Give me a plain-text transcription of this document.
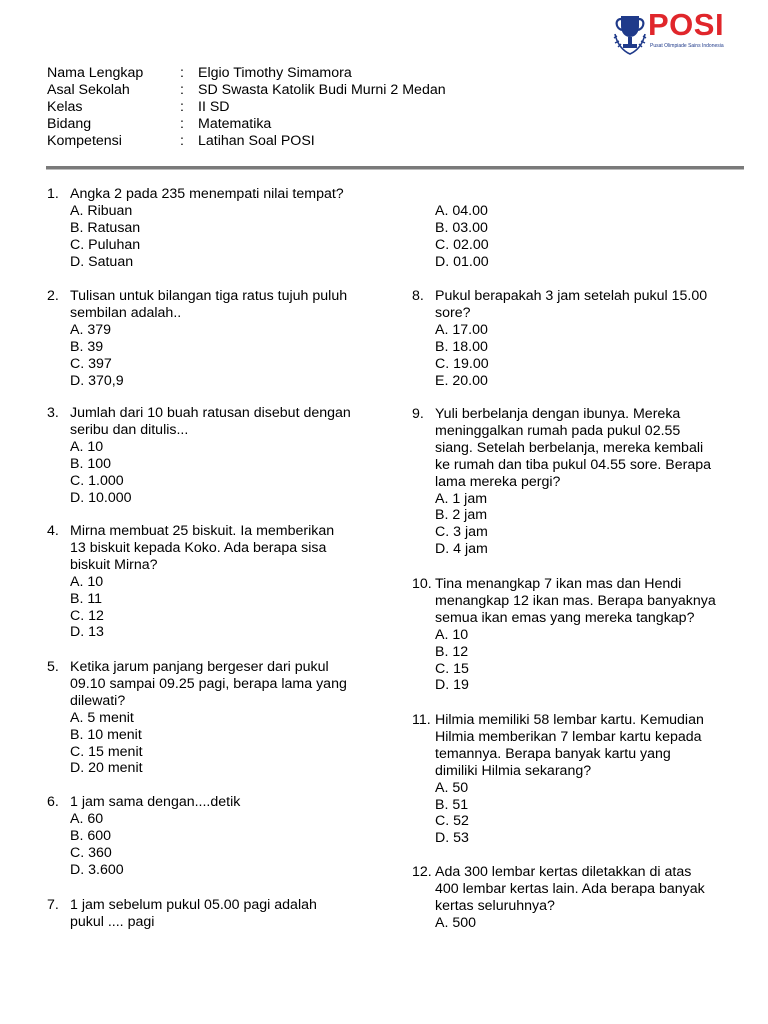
POSI
Pusat Olimpiade Sains Indonesia
Nama Lengkap	: Elgio Timothy Simamora
Asal Sekolah	: SD Swasta Katolik Budi Murni 2 Medan
Kelas	: II SD
Bidang	: Matematika
Kompetensi	: Latihan Soal POSI
1. Angka 2 pada 235 menempati nilai tempat?
A. Ribuan
B. Ratusan
C. Puluhan
D. Satuan
2. Tulisan untuk bilangan tiga ratus tujuh puluh
sembilan adalah..
A. 379
B. 39
C. 397
D. 370,9
3. Jumlah dari 10 buah ratusan disebut dengan
seribu dan ditulis...
A. 10
B. 100
C. 1.000
D. 10.000
4. Mirna membuat 25 biskuit. Ia memberikan
13 biskuit kepada Koko. Ada berapa sisa
biskuit Mirna?
A. 10
B. 11
C. 12
D. 13
5. Ketika jarum panjang bergeser dari pukul
09.10 sampai 09.25 pagi, berapa lama yang
dilewati?
A. 5 menit
B. 10 menit
C. 15 menit
D. 20 menit
6. 1 jam sama dengan....detik
A. 60
B. 600
C. 360
D. 3.600
7. 1 jam sebelum pukul 05.00 pagi adalah
pukul .... pagi
A. 04.00
B. 03.00
C. 02.00
D. 01.00
8. Pukul berapakah 3 jam setelah pukul 15.00
sore?
A. 17.00
B. 18.00
C. 19.00
E. 20.00
9. Yuli berbelanja dengan ibunya. Mereka
meninggalkan rumah pada pukul 02.55
siang. Setelah berbelanja, mereka kembali
ke rumah dan tiba pukul 04.55 sore. Berapa
lama mereka pergi?
A. 1 jam
B. 2 jam
C. 3 jam
D. 4 jam
10. Tina menangkap 7 ikan mas dan Hendi
menangkap 12 ikan mas. Berapa banyaknya
semua ikan emas yang mereka tangkap?
A. 10
B. 12
C. 15
D. 19
11. Hilmia memiliki 58 lembar kartu. Kemudian
Hilmia memberikan 7 lembar kartu kepada
temannya. Berapa banyak kartu yang
dimiliki Hilmia sekarang?
A. 50
B. 51
C. 52
D. 53
12. Ada 300 lembar kertas diletakkan di atas
400 lembar kertas lain. Ada berapa banyak
kertas seluruhnya?
A. 500
